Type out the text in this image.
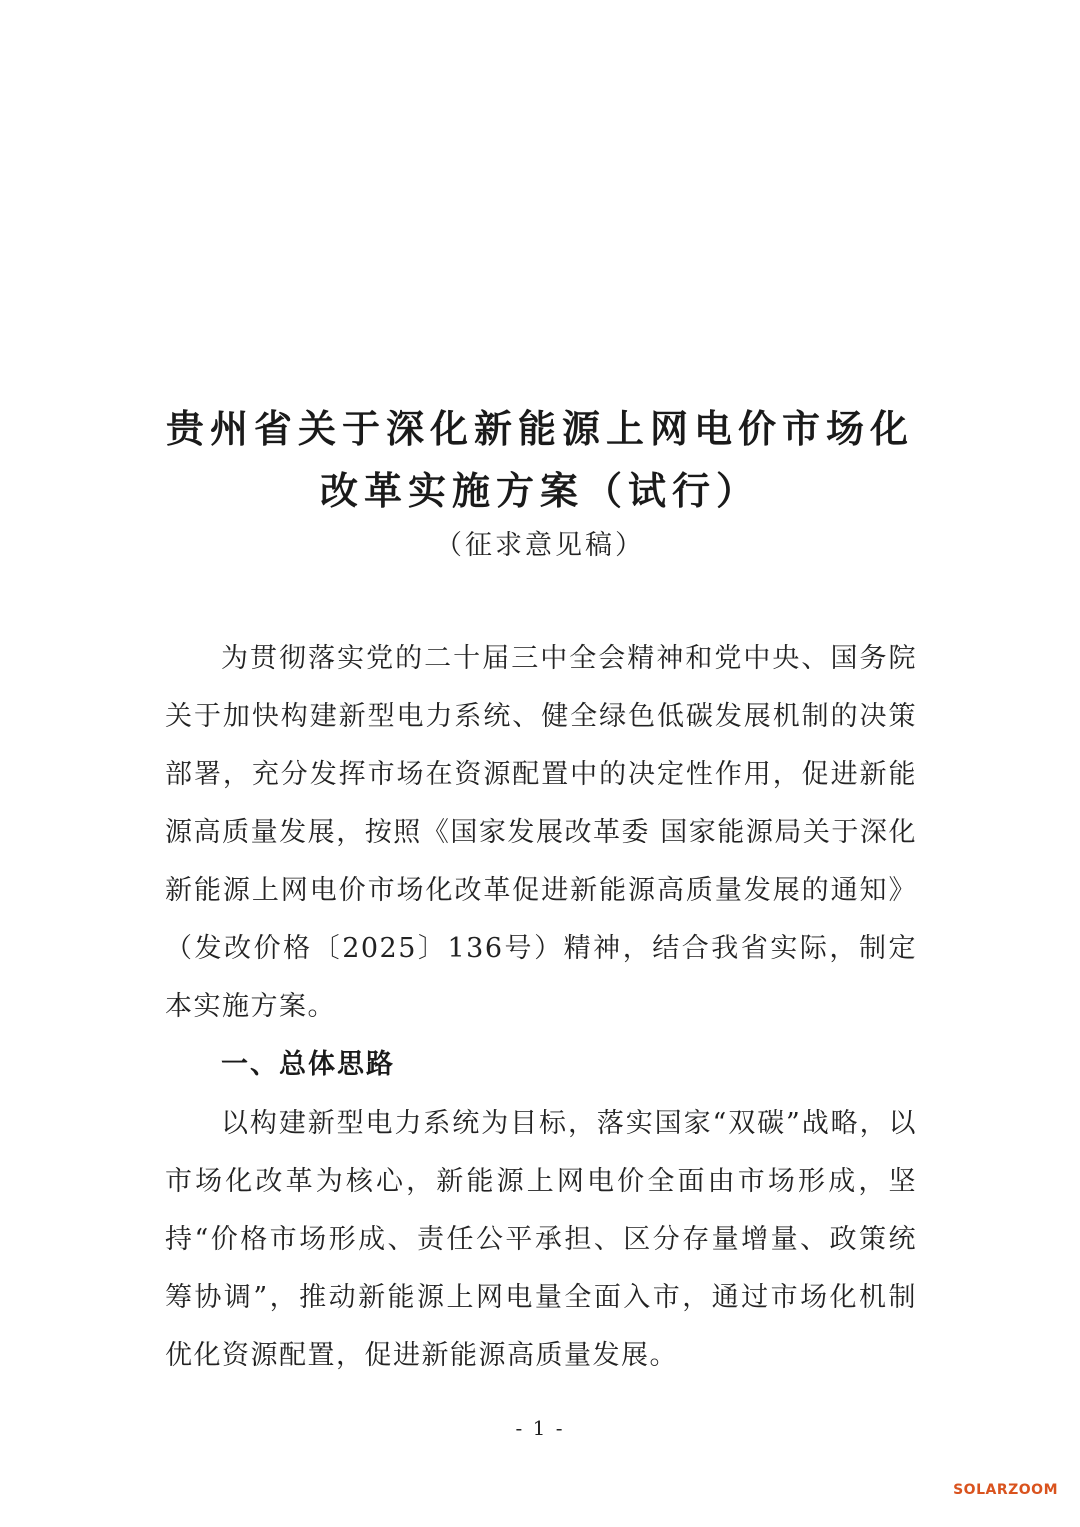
贵州省关于深化新能源上网电价市场化
改革实施方案（试行）
（征求意见稿）

为贯彻落实党的二十届三中全会精神和党中央、国务院关于加快构建新型电力系统、健全绿色低碳发展机制的决策部署，充分发挥市场在资源配置中的决定性作用，促进新能源高质量发展，按照《国家发展改革委 国家能源局关于深化新能源上网电价市场化改革促进新能源高质量发展的通知》（发改价格〔2025〕136号）精神，结合我省实际，制定本实施方案。

一、总体思路

以构建新型电力系统为目标，落实国家“双碳”战略，以市场化改革为核心，新能源上网电价全面由市场形成，坚持“价格市场形成、责任公平承担、区分存量增量、政策统筹协调”，推动新能源上网电量全面入市，通过市场化机制优化资源配置，促进新能源高质量发展。

- 1 -
SOLARZOOM
